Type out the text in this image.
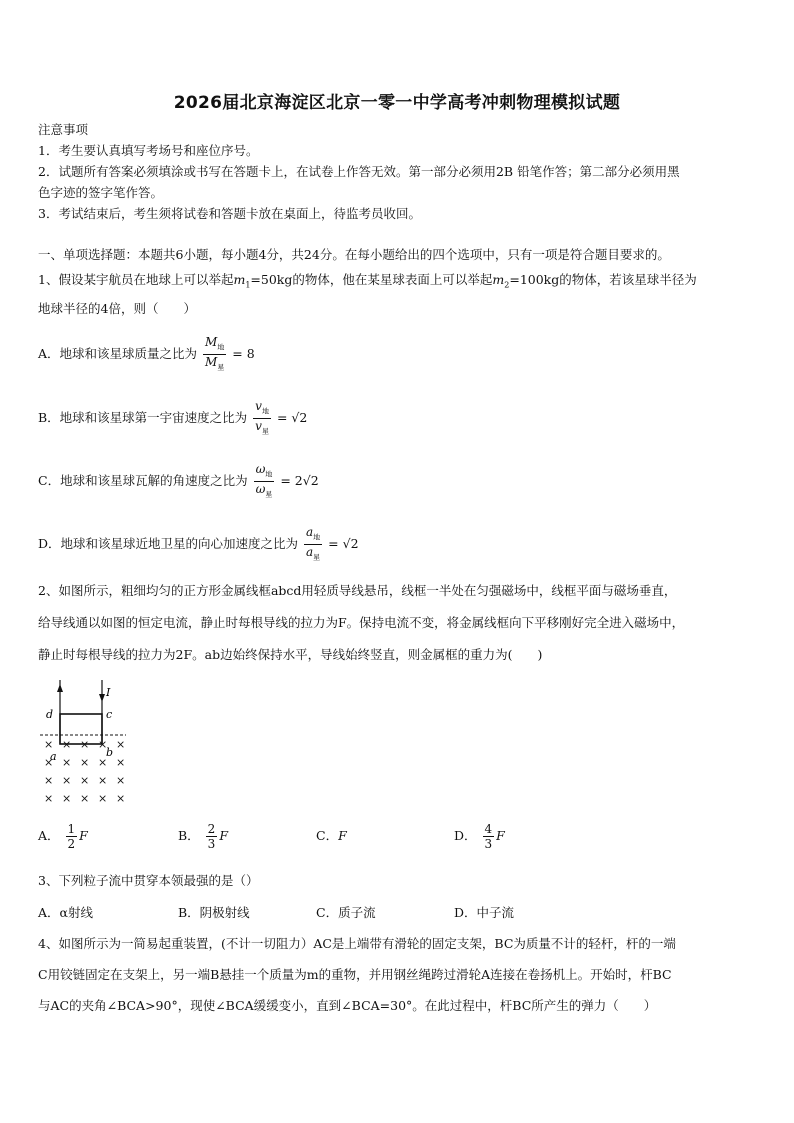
2026届北京海淀区北京一零一中学高考冲刺物理模拟试题
注意事项
1．考生要认真填写考场号和座位序号。
2．试题所有答案必须填涂或书写在答题卡上，在试卷上作答无效。第一部分必须用2B 铅笔作答；第二部分必须用黑
色字迹的签字笔作答。
3．考试结束后，考生须将试卷和答题卡放在桌面上，待监考员收回。
一、单项选择题：本题共6小题，每小题4分，共24分。在每小题给出的四个选项中，只有一项是符合题目要求的。
1、假设某宇航员在地球上可以举起$m_1=50kg$的物体，他在某星球表面上可以举起$m_2=100kg$的物体，若该星球半径为
地球半径的4倍，则（　　）
A．地球和该星球质量之比为 $\frac{M_地}{M_星} = 8$
B．地球和该星球第一宇宙速度之比为 $\frac{v_地}{v_星} = √2$
C．地球和该星球瓦解的角速度之比为 $\frac{\omega_地}{\omega_星} = 2√2$
D．地球和该星球近地卫星的向心加速度之比为 $\frac{a_地}{a_星} = √2$
2、如图所示，粗细均匀的正方形金属线框abcd用轻质导线悬吊，线框一半处在匀强磁场中，线框平面与磁场垂直，
给导线通以如图的恒定电流，静止时每根导线的拉力为F。保持电流不变，将金属线框向下平移刚好完全进入磁场中，
静止时每根导线的拉力为2F。ab边始终保持水平，导线始终竖直，则金属框的重力为(　　)
I
d	c
a	b
× × × × ×
× × × × ×
× × × × ×
× × × × ×
A． $\frac{1}{2}$ F	B． $\frac{2}{3}$ F	C．F	D． $\frac{4}{3}$ F
3、下列粒子流中贯穿本领最强的是（）
A．α射线	B．阴极射线	C．质子流	D．中子流
4、如图所示为一简易起重装置，(不计一切阻力）AC是上端带有滑轮的固定支架，BC为质量不计的轻杆，杆的一端
C用铰链固定在支架上，另一端B悬挂一个质量为m的重物，并用钢丝绳跨过滑轮A连接在卷扬机上。开始时，杆BC
与AC的夹角∠BCA>90°，现使∠BCA缓缓变小，直到∠BCA=30°。在此过程中，杆BC所产生的弹力（　　）
